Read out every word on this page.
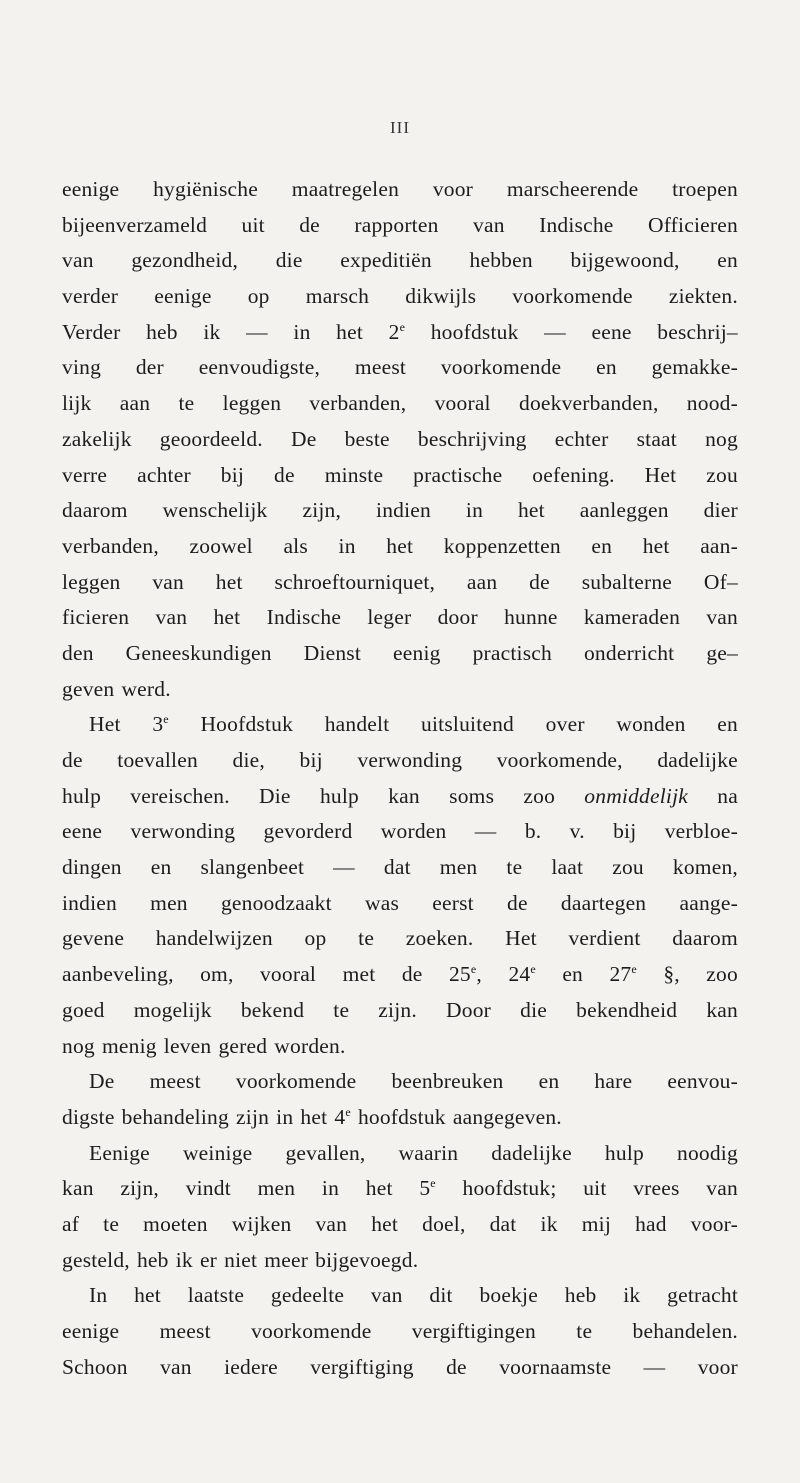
III
eenige hygiënische maatregelen voor marscheerende troepen
bijeenverzameld uit de rapporten van Indische Officieren
van gezondheid, die expeditiën hebben bijgewoond, en
verder eenige op marsch dikwijls voorkomende ziekten.
Verder heb ik — in het 2e hoofdstuk — eene beschrij–
ving der eenvoudigste, meest voorkomende en gemakke-
lijk aan te leggen verbanden, vooral doekverbanden, nood-
zakelijk geoordeeld. De beste beschrijving echter staat nog
verre achter bij de minste practische oefening. Het zou
daarom wenschelijk zijn, indien in het aanleggen dier
verbanden, zoowel als in het koppenzetten en het aan-
leggen van het schroeftourniquet, aan de subalterne Of–
ficieren van het Indische leger door hunne kameraden van
den Geneeskundigen Dienst eenig practisch onderricht ge–
geven werd.
Het 3e Hoofdstuk handelt uitsluitend over wonden en
de toevallen die, bij verwonding voorkomende, dadelijke
hulp vereischen. Die hulp kan soms zoo onmiddelijk na
eene verwonding gevorderd worden — b. v. bij verbloe-
dingen en slangenbeet — dat men te laat zou komen,
indien men genoodzaakt was eerst de daartegen aange-
gevene handelwijzen op te zoeken. Het verdient daarom
aanbeveling, om, vooral met de 25e, 24e en 27e §, zoo
goed mogelijk bekend te zijn. Door die bekendheid kan
nog menig leven gered worden.
De meest voorkomende beenbreuken en hare eenvou-
digste behandeling zijn in het 4e hoofdstuk aangegeven.
Eenige weinige gevallen, waarin dadelijke hulp noodig
kan zijn, vindt men in het 5e hoofdstuk; uit vrees van
af te moeten wijken van het doel, dat ik mij had voor-
gesteld, heb ik er niet meer bijgevoegd.
In het laatste gedeelte van dit boekje heb ik getracht
eenige meest voorkomende vergiftigingen te behandelen.
Schoon van iedere vergiftiging de voornaamste — voor
